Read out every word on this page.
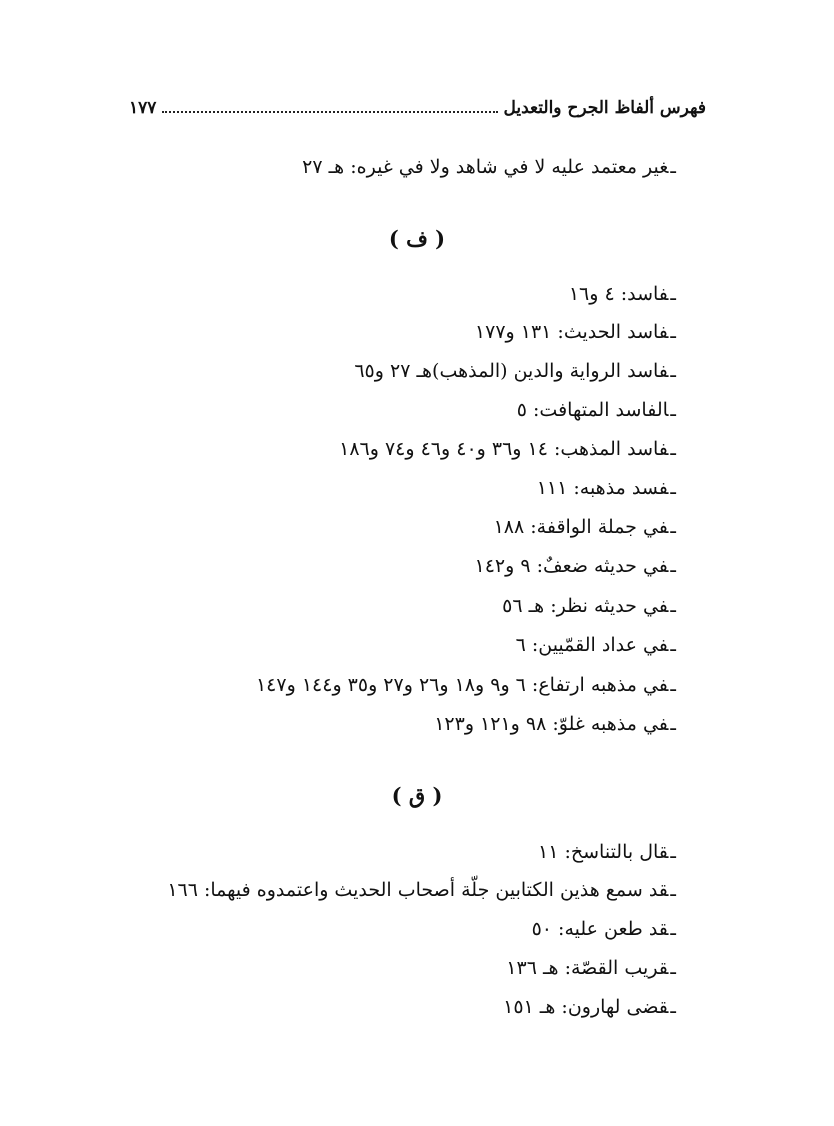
فهرس ألفاظ الجرح والتعديل
١٧٧
ـغير معتمد عليه لا في شاهد ولا في غيره: هـ ٢٧
( ف )
ـفاسد: ٤ و١٦
ـفاسد الحديث: ١٣١ و١٧٧
ـفاسد الرواية والدين (المذهب)هـ ٢٧ و٦٥
ـالفاسد المتهافت: ٥
ـفاسد المذهب: ١٤ و٣٦ و٤٠ و٤٦ و٧٤ و١٨٦
ـفسد مذهبه: ١١١
ـفي جملة الواقفة: ١٨٨
ـفي حديثه ضعفٌ: ٩ و١٤٢
ـفي حديثه نظر: هـ ٥٦
ـفي عداد القمّيين: ٦
ـفي مذهبه ارتفاع: ٦ و٩ و١٨ و٢٦ و٢٧ و٣٥ و١٤٤ و١٤٧
ـفي مذهبه غلوّ: ٩٨ و١٢١ و١٢٣
( ق )
ـقال بالتناسخ: ١١
ـقد سمع هذين الكتابين جلّة أصحاب الحديث واعتمدوه فيهما: ١٦٦
ـقد طعن عليه: ٥٠
ـقريب القصّة: هـ ١٣٦
ـقضى لهارون: هـ ١٥١
